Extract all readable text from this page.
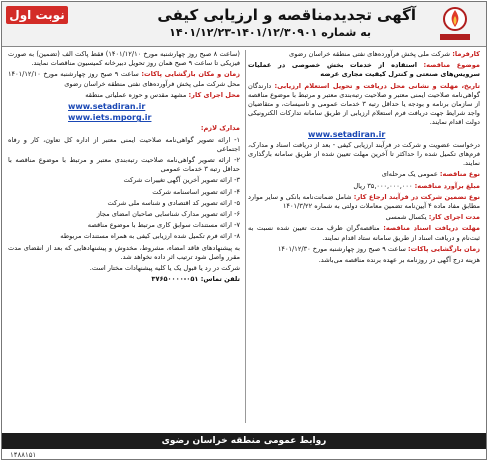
نوبت اول	آگهی تجدیدمناقصه و ارزیابی کیفی
به شماره ۱۴۰۱/۱۲/۳۰۹۰۱-۱۴۰۱/۱۲/۲۳
کارفرما: شرکت ملی پخش فرآورده‌های نفتی منطقه خراسان رضوی
موضوع مناقصه: استفاده از خدمات بخش خصوصی در عملیات سرویس‌های صنعتی و کنترل کیفیت مجاری عرضه
تاریخ، مهلت و نشانی محل دریافت و تحویل استعلام ارزیابی: دارندگان گواهی‌نامه صلاحیت ایمنی معتبر و صلاحیت رتبه‌بندی معتبر و مرتبط با موضوع مناقصه از سازمان برنامه و بودجه یا حداقل رتبه ۳ خدمات عمومی و تاسیسات، و متقاضیان واجد شرایط جهت دریافت فرم استعلام ارزیابی از طریق سامانه تدارکات الکترونیکی دولت اقدام نمایند.
www.setadiran.ir
درخواست عضویت و شرکت در فرآیند ارزیابی کیفی - بعد از دریافت اسناد و مدارک، فرم‌های تکمیل شده را حداکثر تا آخرین مهلت تعیین شده از طریق سامانه بارگذاری نمایند.
نوع مناقصه: عمومی یک مرحله‌ای
مبلغ برآورد مناقصه: ۳۵,۰۰۰,۰۰۰,۰۰۰ ریال
نوع تضمین شرکت در فرآیند ارجاع کار: شامل ضمانت‌نامه بانکی و سایر موارد مطابق مفاد ماده ۴ آیین‌نامه تضمین معاملات دولتی به شماره ۱۴۰۱/۳/۲۲
مدت اجرای کار: یکسال شمسی
مهلت دریافت اسناد مناقصه: مناقصه‌گران ظرف مدت تعیین شده نسبت به ثبت‌نام و دریافت اسناد از طریق سامانه ستاد اقدام نمایند.
زمان بازگشایی پاکات: ساعت ۹ صبح روز چهارشنبه مورخ ۱۴۰۱/۱۲/۳۰
هزینه درج آگهی در روزنامه بر عهده برنده مناقصه می‌باشد.
(ساعت ۸ صبح روز چهارشنبه مورخ ۱۴۰۱/۱۲/۱۰) فقط پاکت الف (تضمین) به صورت فیزیکی تا ساعت ۹ صبح همان روز تحویل دبیرخانه کمیسیون مناقصات نمایند.
زمان و مکان بازگشایی پاکات: ساعت ۹ صبح روز چهارشنبه مورخ ۱۴۰۱/۱۲/۱۰ محل شرکت ملی پخش فرآورده‌های نفتی منطقه خراسان رضوی
محل اجرای کار: مشهد مقدس و حوزه عملیاتی منطقه
www.setadiran.ir
www.iets.mporg.ir
مدارک لازم:
۱- ارائه تصویر گواهی‌نامه صلاحیت ایمنی معتبر از اداره کل تعاون، کار و رفاه اجتماعی
۲- ارائه تصویر گواهی‌نامه صلاحیت رتبه‌بندی معتبر و مرتبط با موضوع مناقصه با حداقل رتبه ۳ خدمات عمومی
۳- ارائه تصویر آخرین آگهی تغییرات شرکت
۴- ارائه تصویر اساسنامه شرکت
۵- ارائه تصویر کد اقتصادی و شناسه ملی شرکت
۶- ارائه تصویر مدارک شناسایی صاحبان امضای مجاز
۷- ارائه مستندات سوابق کاری مرتبط با موضوع مناقصه
۸- ارائه فرم تکمیل شده ارزیابی کیفی به همراه مستندات مربوطه
به پیشنهادهای فاقد امضاء، مشروط، مخدوش و پیشنهادهایی که بعد از انقضای مدت مقرر واصل شود ترتیب اثر داده نخواهد شد.
شرکت در رد یا قبول یک یا کلیه پیشنهادات مختار است.
تلفن تماس: ۰۵۱-۳۷۶۵۰۰۰۰
روابط عمومی منطقه خراسان رضوی
۱۴۸۸۱۵۱
